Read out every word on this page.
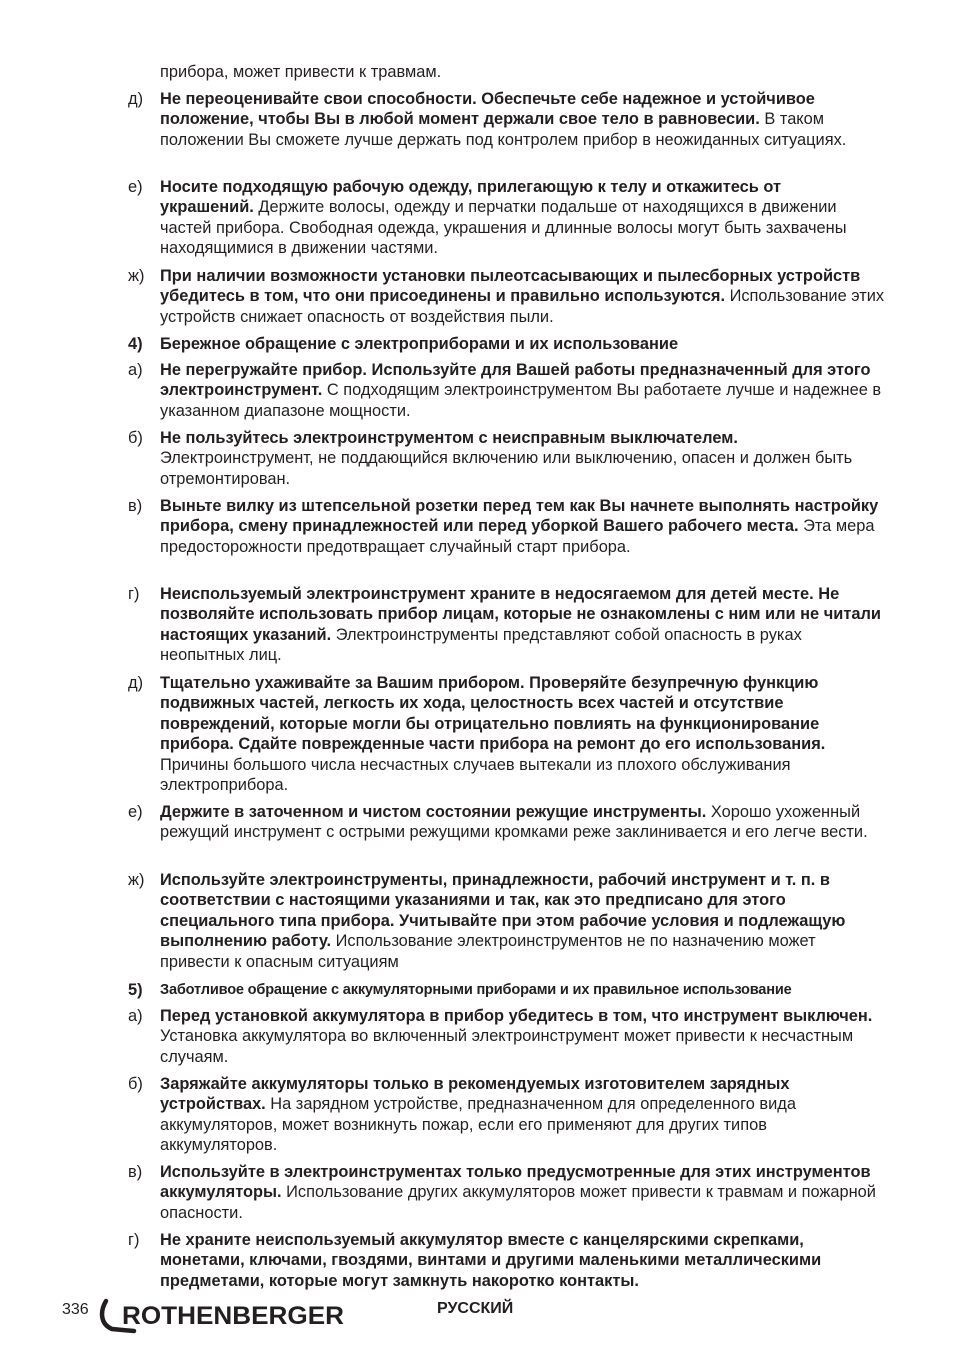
прибора, может привести к травмам.

д) Не переоценивайте свои способности. Обеспечьте себе надежное и устойчивое положение, чтобы Вы в любой момент держали свое тело в равновесии. В таком положении Вы сможете лучше держать под контролем прибор в неожиданных ситуациях.

е) Носите подходящую рабочую одежду, прилегающую к телу и откажитесь от украшений. Держите волосы, одежду и перчатки подальше от находящихся в движении частей прибора. Свободная одежда, украшения и длинные волосы могут быть захвачены находящимися в движении частями.

ж) При наличии возможности установки пылеотсасывающих и пылесборных устройств убедитесь в том, что они присоединены и правильно используются. Использование этих устройств снижает опасность от воздействия пыли.

4) Бережное обращение с электроприборами и их использование

а) Не перегружайте прибор. Используйте для Вашей работы предназначенный для этого электроинструмент. С подходящим электроинструментом Вы работаете лучше и надежнее в указанном диапазоне мощности.

б) Не пользуйтесь электроинструментом с неисправным выключателем. Электроинструмент, не поддающийся включению или выключению, опасен и должен быть отремонтирован.

в) Выньте вилку из штепсельной розетки перед тем как Вы начнете выполнять настройку прибора, смену принадлежностей или перед уборкой Вашего рабочего места. Эта мера предосторожности предотвращает случайный старт прибора.

г) Неиспользуемый электроинструмент храните в недосягаемом для детей месте. Не позволяйте использовать прибор лицам, которые не ознакомлены с ним или не читали настоящих указаний. Электроинструменты представляют собой опасность в руках неопытных лиц.

д) Тщательно ухаживайте за Вашим прибором. Проверяйте безупречную функцию подвижных частей, легкость их хода, целостность всех частей и отсутствие повреждений, которые могли бы отрицательно повлиять на функционирование прибора. Сдайте поврежденные части прибора на ремонт до его использования. Причины большого числа несчастных случаев вытекали из плохого обслуживания электроприбора.

е) Держите в заточенном и чистом состоянии режущие инструменты. Хорошо ухоженный режущий инструмент с острыми режущими кромками реже заклинивается и его легче вести.

ж) Используйте электроинструменты, принадлежности, рабочий инструмент и т. п. в соответствии с настоящими указаниями и так, как это предписано для этого специального типа прибора. Учитывайте при этом рабочие условия и подлежащую выполнению работу. Использование электроинструментов не по назначению может привести к опасным ситуациям

5) Заботливое обращение с аккумуляторными приборами и их правильное использование

а) Перед установкой аккумулятора в прибор убедитесь в том, что инструмент выключен. Установка аккумулятора во включенный электроинструмент может привести к несчастным случаям.

б) Заряжайте аккумуляторы только в рекомендуемых изготовителем зарядных устройствах. На зарядном устройстве, предназначенном для определенного вида аккумуляторов, может возникнуть пожар, если его применяют для других типов аккумуляторов.

в) Используйте в электроинструментах только предусмотренные для этих инструментов аккумуляторы. Использование других аккумуляторов может привести к травмам и пожарной опасности.

г) Не храните неиспользуемый аккумулятор вместе с канцелярскими скрепками, монетами, ключами, гвоздями, винтами и другими маленькими металлическими предметами, которые могут замкнуть накоротко контакты.

336 ROTHENBERGER	РУССКИЙ
